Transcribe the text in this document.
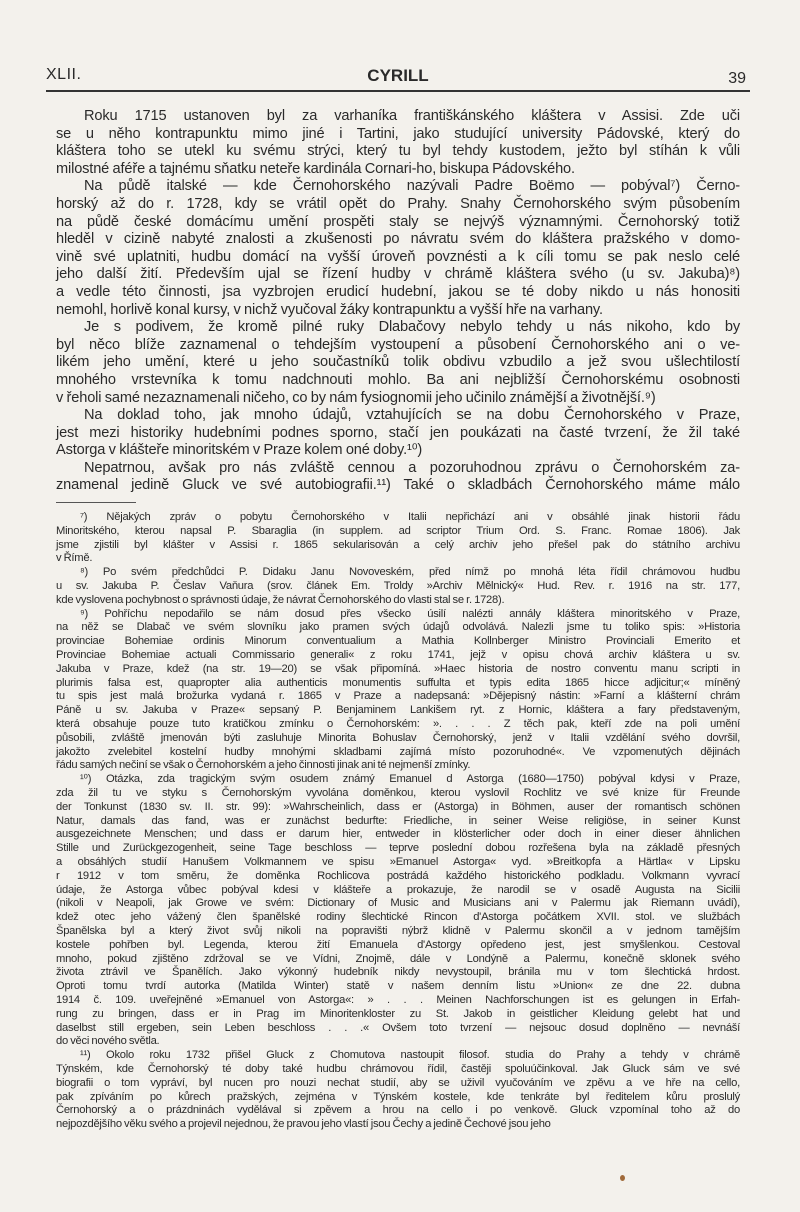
XLII.	CYRILL	39
Roku 1715 ustanoven byl za varhaníka františkánského kláštera v Assisi. Zde uči
se u něho kontrapunktu mimo jiné i Tartini, jako studující university Pádovské, který do
kláštera toho se utekl ku svému strýci, který tu byl tehdy kustodem, ježto byl stíhán k vůli
milostné aféře a tajnému sňatku neteře kardinála Cornari-ho, biskupa Pádovského.
Na půdě italské — kde Černohorského nazývali Padre Boëmo — pobýval⁷) Černo-
horský až do r. 1728, kdy se vrátil opět do Prahy. Snahy Černohorského svým působením
na půdě české domácímu umění prospěti staly se nejvýš významnými. Černohorský totiž
hleděl v cizině nabyté znalosti a zkušenosti po návratu svém do kláštera pražského v domo-
vině své uplatniti, hudbu domácí na vyšší úroveň povznésti a k cíli tomu se pak neslo celé
jeho další žití. Především ujal se řízení hudby v chrámě kláštera svého (u sv. Jakuba)⁸)
a vedle této činnosti, jsa vyzbrojen erudicí hudební, jakou se té doby nikdo u nás honositi
nemohl, horlivě konal kursy, v nichž vyučoval žáky kontrapunktu a vyšší hře na varhany.
Je s podivem, že kromě pilné ruky Dlabačovy nebylo tehdy u nás nikoho, kdo by
byl něco blíže zaznamenal o tehdejším vystoupení a působení Černohorského ani o ve-
likém jeho umění, které u jeho součastníků tolik obdivu vzbudilo a jež svou ušlechtilostí
mnohého vrstevníka k tomu nadchnouti mohlo. Ba ani nejbližší Černohorskému osobnosti
v řeholi samé nezaznamenali ničeho, co by nám fysiognomii jeho učinilo známější a životnější.⁹)
Na doklad toho, jak mnoho údajů, vztahujících se na dobu Černohorského v Praze,
jest mezi historiky hudebními podnes sporno, stačí jen poukázati na časté tvrzení, že žil také
Astorga v klášteře minoritském v Praze kolem oné doby.¹⁰)
Nepatrnou, avšak pro nás zvláště cennou a pozoruhodnou zprávu o Černohorském za-
znamenal jedině Gluck ve své autobiografii.¹¹) Také o skladbách Černohorského máme málo
⁷) Nějakých zpráv o pobytu Černohorského v Italii nepřichází ani v obsáhlé jinak historii řádu
Minoritského, kterou napsal P. Sbaraglia (in supplem. ad scriptor Trium Ord. S. Franc. Romae 1806). Jak
jsme zjistili byl klášter v Assisi r. 1865 sekularisován a celý archiv jeho přešel pak do státního archivu
v Římě.
⁸) Po svém předchůdci P. Didaku Janu Novoveském, před nímž po mnohá léta řídil chrámovou hudbu
u sv. Jakuba P. Česlav Vaňura (srov. článek Em. Troldy »Archiv Mělnický« Hud. Rev. r. 1916 na str. 177,
kde vyslovena pochybnost o správnosti údaje, že návrat Černohorského do vlasti stal se r. 1728).
⁹) Pohříchu nepodařilo se nám dosud přes všecko úsilí nalézti annály kláštera minoritského v Praze,
na něž se Dlabač ve svém slovníku jako pramen svých údajů odvolává. Nalezli jsme tu toliko spis: »Historia
provinciae Bohemiae ordinis Minorum conventualium a Mathia Kollnberger Ministro Provinciali Emerito et
Provinciae Bohemiae actuali Commissario generali« z roku 1741, jejž v opisu chová archiv kláštera u sv.
Jakuba v Praze, kdež (na str. 19—20) se však připomíná. »Haec historia de nostro conventu manu scripti in
plurimis falsa est, quapropter alia authenticis monumentis suffulta et typis edita 1865 hicce adjicitur;« míněný
tu spis jest malá brožurka vydaná r. 1865 v Praze a nadepsaná: »Dějepisný nástin: »Farní a klášterní chrám
Páně u sv. Jakuba v Praze« sepsaný P. Benjaminem Lankišem ryt. z Hornic, kláštera a fary představeným,
která obsahuje pouze tuto kratičkou zmínku o Černohorském: ». . . . Z těch pak, kteří zde na poli umění
působili, zvláště jmenován býti zasluhuje Minorita Bohuslav Černohorský, jenž v Italii vzdělání svého dovršil,
jakožto zvelebitel kostelní hudby mnohými skladbami zajímá místo pozoruhodné«. Ve vzpomenutých dějinách
řádu samých nečiní se však o Černohorském a jeho činnosti jinak ani té nejmenší zmínky.
¹⁰) Otázka, zda tragickým svým osudem známý Emanuel d Astorga (1680—1750) pobýval kdysi v Praze,
zda žil tu ve styku s Černohorským vyvolána doměnkou, kterou vyslovil Rochlitz ve své knize für Freunde
der Tonkunst (1830 sv. II. str. 99): »Wahrscheinlich, dass er (Astorga) in Böhmen, auser der romantisch schönen
Natur, damals das fand, was er zunächst bedurfte: Friedliche, in seiner Weise religiöse, in seiner Kunst
ausgezeichnete Menschen; und dass er darum hier, entweder in klösterlicher oder doch in einer dieser ähnlichen
Stille und Zurückgezogenheit, seine Tage beschloss — teprve poslední dobou rozřešena byla na základě přesných
a obsáhlých studií Hanušem Volkmannem ve spisu »Emanuel Astorga« vyd. »Breitkopfa a Härtla« v Lipsku
r 1912 v tom směru, že doměnka Rochlicova postrádá každého historického podkladu. Volkmann vyvrací
údaje, že Astorga vůbec pobýval kdesi v klášteře a prokazuje, že narodil se v osadě Augusta na Sicilii
(nikoli v Neapoli, jak Growe ve svém: Dictionary of Music and Musicians ani v Palermu jak Riemann uvádí),
kdež otec jeho vážený člen španělské rodiny šlechtické Rincon d'Astorga počátkem XVII. stol. ve službách
Španělska byl a který život svůj nikoli na popravišti nýbrž klidně v Palermu skončil a v jednom tamějším
kostele pohřben byl. Legenda, kterou žití Emanuela d'Astorgy opředeno jest, jest smyšlenkou. Cestoval
mnoho, pokud zjištěno zdržoval se ve Vídni, Znojmě, dále v Londýně a Palermu, konečně sklonek svého
života ztrávil ve Španělích. Jako výkonný hudebník nikdy nevystoupil, bránila mu v tom šlechtická hrdost.
Oproti tomu tvrdí autorka (Matilda Winter) statě v našem denním listu »Union« ze dne 22. dubna
1914 č. 109. uveřejněné »Emanuel von Astorga«: » . . . Meinen Nachforschungen ist es gelungen in Erfah-
rung zu bringen, dass er in Prag im Minoritenkloster zu St. Jakob in geistlicher Kleidung gelebt hat und
daselbst still ergeben, sein Leben beschloss . . .« Ovšem toto tvrzení — nejsouc dosud doplněno — nevnáší
do věci nového světla.
¹¹) Okolo roku 1732 přišel Gluck z Chomutova nastoupit filosof. studia do Prahy a tehdy v chrámě
Týnském, kde Černohorský té doby také hudbu chrámovou řídil, častěji spoluúčinkoval. Jak Gluck sám ve své
biografii o tom vypráví, byl nucen pro nouzi nechat studií, aby se uživil vyučováním ve zpěvu a ve hře na cello,
pak zpíváním po kůrech pražských, zejména v Týnském kostele, kde tenkráte byl ředitelem kůru proslulý
Černohorský a o prázdninách vydělával si zpěvem a hrou na cello i po venkově. Gluck vzpomínal toho až do
nejpozdějšího věku svého a projevil nejednou, že pravou jeho vlastí jsou Čechy a jedině Čechové jsou jeho
